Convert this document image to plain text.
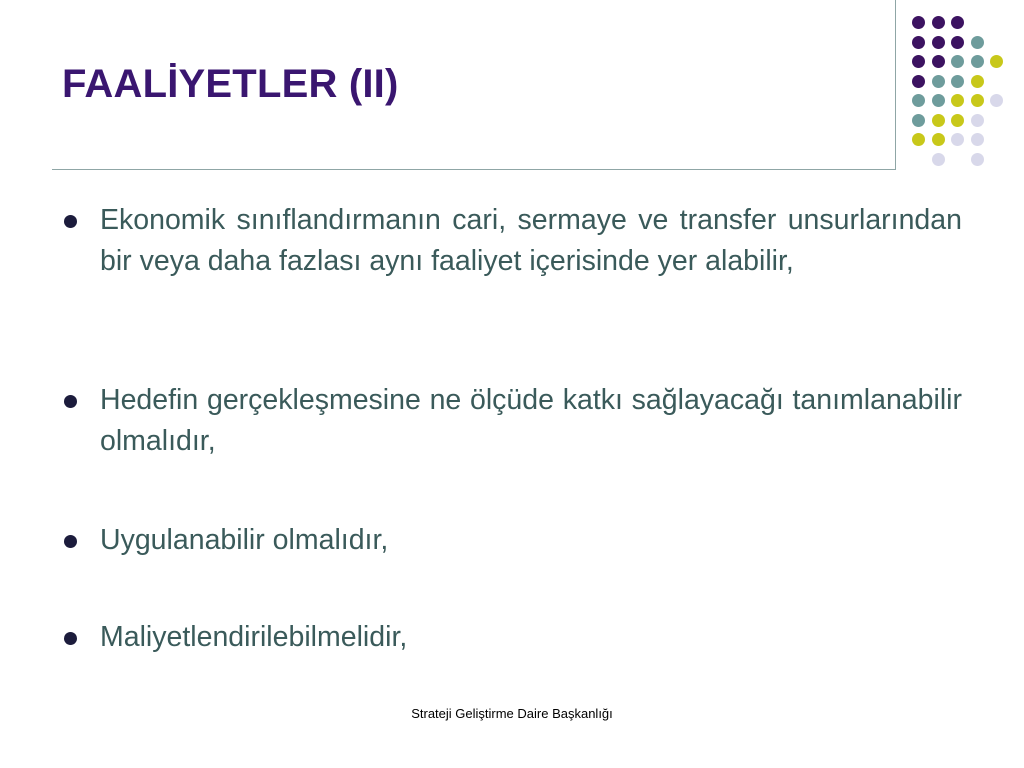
FAALİYETLER (II)
Ekonomik sınıflandırmanın cari, sermaye ve transfer unsurlarından bir veya daha fazlası aynı faaliyet içerisinde yer alabilir,
Hedefin gerçekleşmesine ne ölçüde katkı sağlayacağı tanımlanabilir olmalıdır,
Uygulanabilir olmalıdır,
Maliyetlendirilebilmelidir,
Strateji Geliştirme Daire Başkanlığı
